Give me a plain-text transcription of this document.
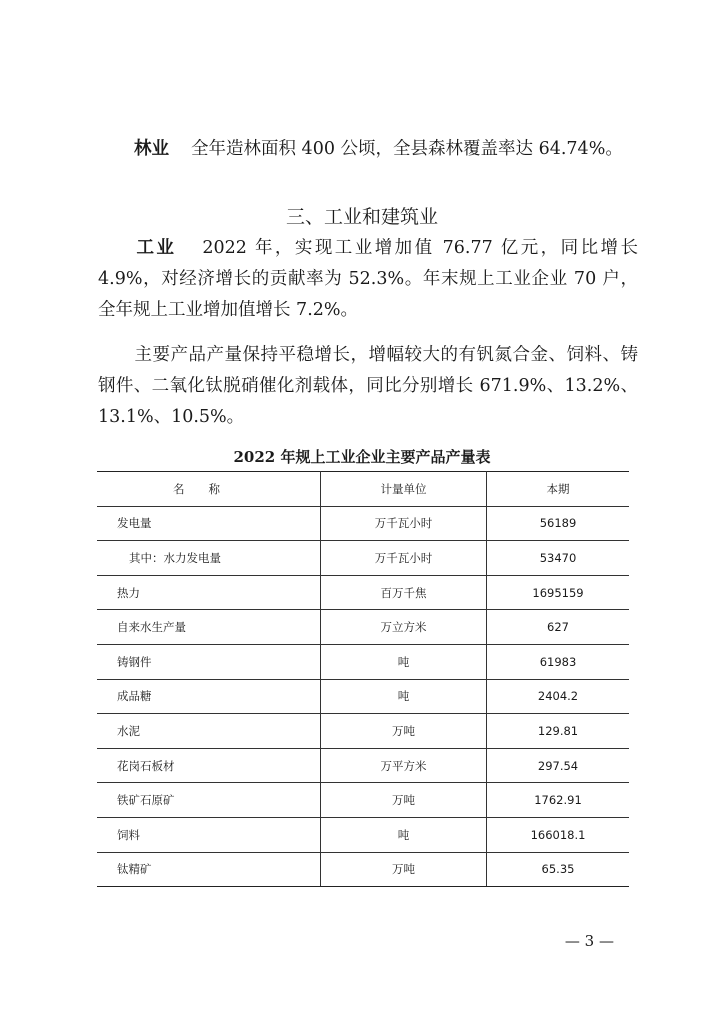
林业 全年造林面积 400 公顷，全县森林覆盖率达 64.74%。
三、工业和建筑业
工业 2022 年，实现工业增加值 76.77 亿元，同比增长 4.9%，对经济增长的贡献率为 52.3%。年末规上工业企业 70 户，全年规上工业增加值增长 7.2%。
主要产品产量保持平稳增长，增幅较大的有钒氮合金、饲料、铸钢件、二氧化钛脱硝催化剂载体，同比分别增长 671.9%、13.2%、13.1%、10.5%。
2022 年规上工业企业主要产品产量表
名称	计量单位	本期
发电量	万千瓦小时	56189
其中：水力发电量	万千瓦小时	53470
热力	百万千焦	1695159
自来水生产量	万立方米	627
铸钢件	吨	61983
成品糖	吨	2404.2
水泥	万吨	129.81
花岗石板材	万平方米	297.54
铁矿石原矿	万吨	1762.91
饲料	吨	166018.1
钛精矿	万吨	65.35
— 3 —
